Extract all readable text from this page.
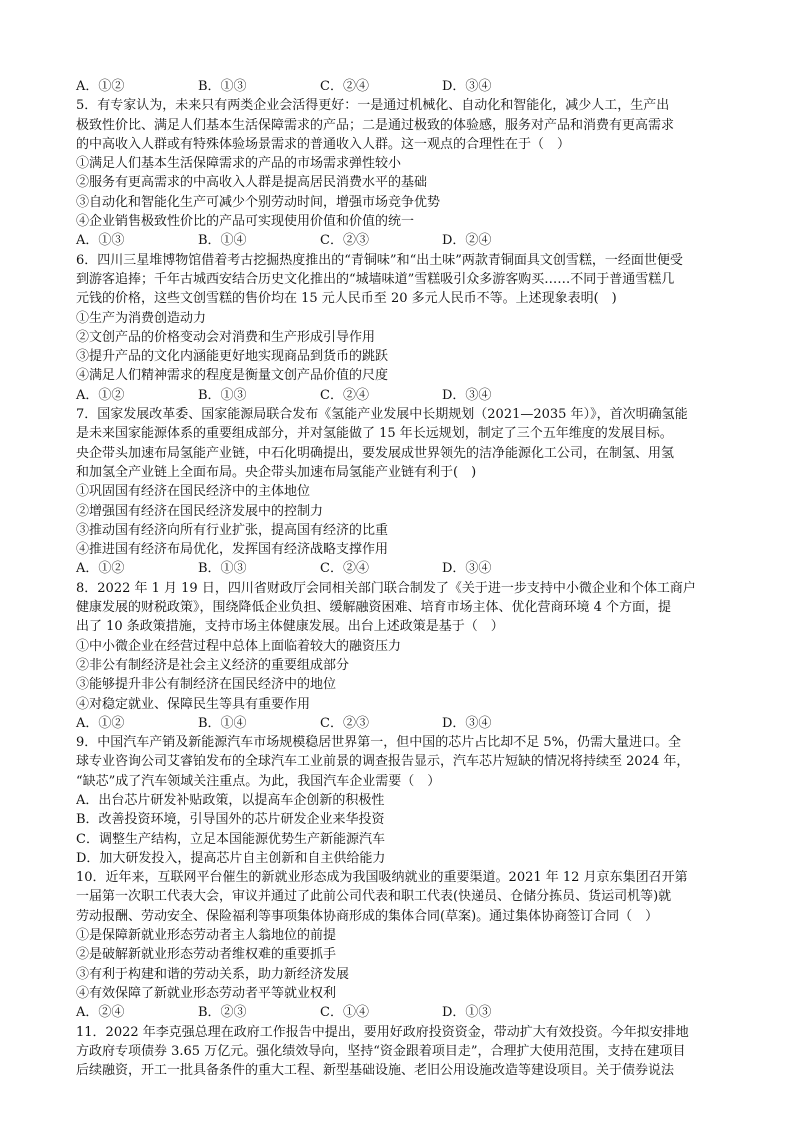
A．①②	B．①③	C．②④	D．③④
5．有专家认为，未来只有两类企业会活得更好：一是通过机械化、自动化和智能化，减少人工，生产出
极致性价比、满足人们基本生活保障需求的产品；二是通过极致的体验感，服务对产品和消费有更高需求
的中高收入人群或有特殊体验场景需求的普通收入人群。这一观点的合理性在于（　）
①满足人们基本生活保障需求的产品的市场需求弹性较小
②服务有更高需求的中高收入人群是提高居民消费水平的基础
③自动化和智能化生产可减少个别劳动时间，增强市场竞争优势
④企业销售极致性价比的产品可实现使用价值和价值的统一
A．①③	B．①④	C．②③	D．②④
6．四川三星堆博物馆借着考古挖掘热度推出的“青铜味”和“出土味”两款青铜面具文创雪糕，一经面世便受
到游客追捧；千年古城西安结合历史文化推出的“城墙味道”雪糕吸引众多游客购买……不同于普通雪糕几
元钱的价格，这些文创雪糕的售价均在 15 元人民币至 20 多元人民币不等。上述现象表明(　)
①生产为消费创造动力
②文创产品的价格变动会对消费和生产形成引导作用
③提升产品的文化内涵能更好地实现商品到货币的跳跃
④满足人们精神需求的程度是衡量文创产品价值的尺度
A．①②	B．①③	C．②④	D．③④
7．国家发展改革委、国家能源局联合发布《氢能产业发展中长期规划（2021—2035 年）》，首次明确氢能
是未来国家能源体系的重要组成部分，并对氢能做了 15 年长远规划，制定了三个五年维度的发展目标。
央企带头加速布局氢能产业链，中石化明确提出，要发展成世界领先的洁净能源化工公司，在制氢、用氢
和加氢全产业链上全面布局。央企带头加速布局氢能产业链有利于(　)
①巩固国有经济在国民经济中的主体地位
②增强国有经济在国民经济发展中的控制力
③推动国有经济向所有行业扩张，提高国有经济的比重
④推进国有经济布局优化，发挥国有经济战略支撑作用
A．①②	B．①③	C．②④	D．③④
8．2022 年 1 月 19 日，四川省财政厅会同相关部门联合制发了《关于进一步支持中小微企业和个体工商户
健康发展的财税政策》，围绕降低企业负担、缓解融资困难、培育市场主体、优化营商环境 4 个方面，提
出了 10 条政策措施，支持市场主体健康发展。出台上述政策是基于（　）
①中小微企业在经营过程中总体上面临着较大的融资压力
②非公有制经济是社会主义经济的重要组成部分
③能够提升非公有制经济在国民经济中的地位
④对稳定就业、保障民生等具有重要作用
A．①②	B．①④	C．②③	D．③④
9．中国汽车产销及新能源汽车市场规模稳居世界第一，但中国的芯片占比却不足 5%，仍需大量进口。全
球专业咨询公司艾睿铂发布的全球汽车工业前景的调查报告显示，汽车芯片短缺的情况将持续至 2024 年，
“缺芯”成了汽车领域关注重点。为此，我国汽车企业需要（　）
A．出台芯片研发补贴政策，以提高车企创新的积极性
B．改善投资环境，引导国外的芯片研发企业来华投资
C．调整生产结构，立足本国能源优势生产新能源汽车
D．加大研发投入，提高芯片自主创新和自主供给能力
10．近年来，互联网平台催生的新就业形态成为我国吸纳就业的重要渠道。2021 年 12 月京东集团召开第
一届第一次职工代表大会，审议并通过了此前公司代表和职工代表(快递员、仓储分拣员、货运司机等)就
劳动报酬、劳动安全、保险福利等事项集体协商形成的集体合同(草案)。通过集体协商签订合同（　）
①是保障新就业形态劳动者主人翁地位的前提
②是破解新就业形态劳动者维权难的重要抓手
③有利于构建和谐的劳动关系，助力新经济发展
④有效保障了新就业形态劳动者平等就业权利
A．②④	B．②③	C．①④	D．①③
11．2022 年李克强总理在政府工作报告中提出，要用好政府投资资金，带动扩大有效投资。今年拟安排地
方政府专项债券 3.65 万亿元。强化绩效导向，坚持“资金跟着项目走”，合理扩大使用范围，支持在建项目
后续融资，开工一批具备条件的重大工程、新型基础设施、老旧公用设施改造等建设项目。关于债券说法
